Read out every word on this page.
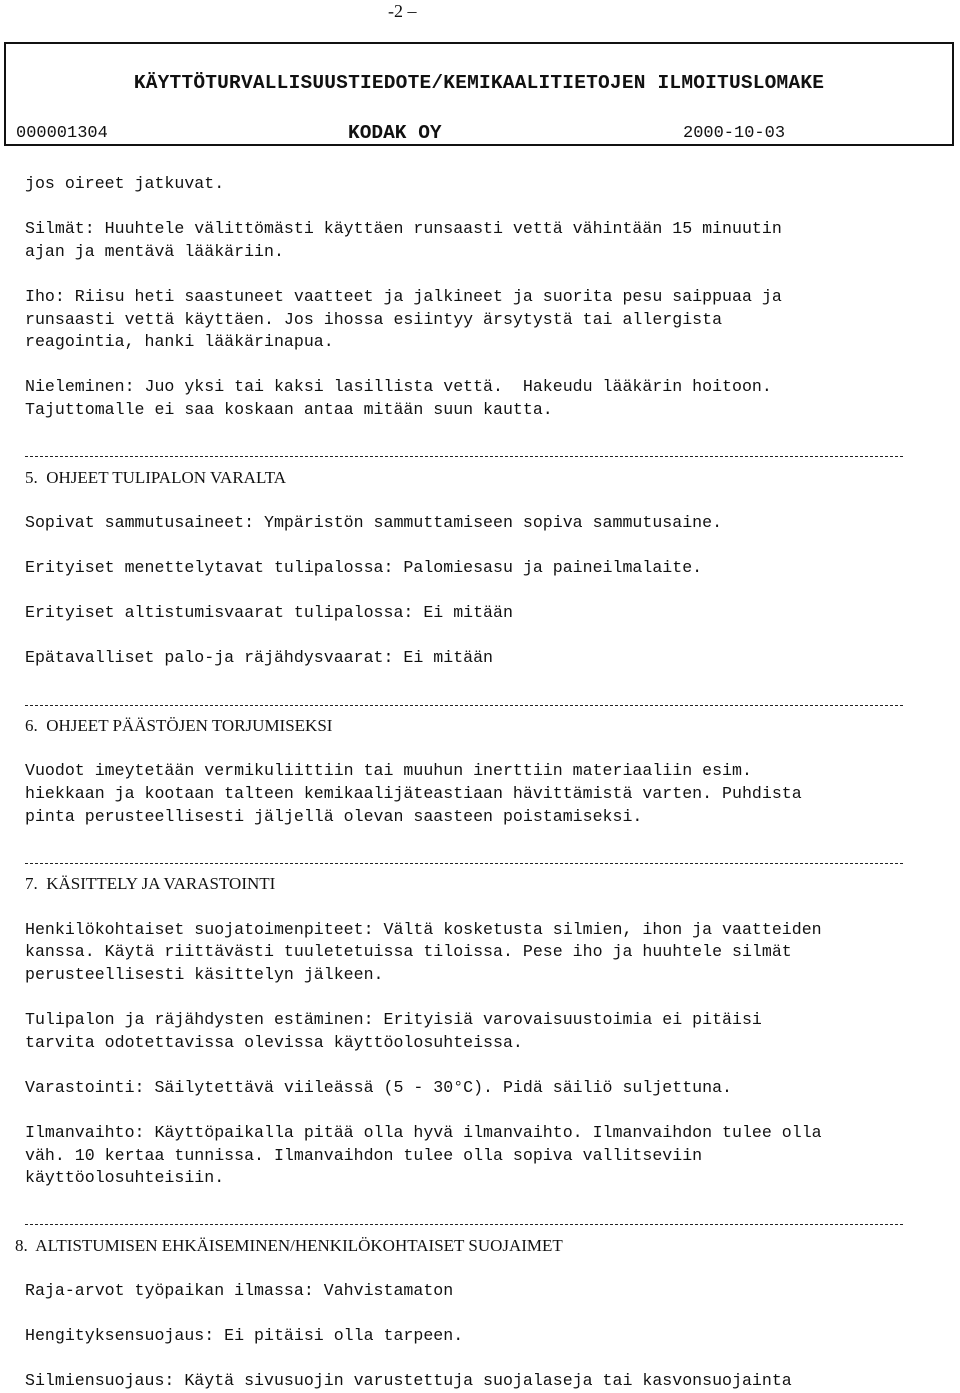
-2 –
KÄYTTÖTURVALLISUUSTIEDOTE/KEMIKAALITIETOJEN ILMOITUSLOMAKE
000001304	KODAK OY	2000-10-03
jos oireet jatkuvat.
Silmät: Huuhtele välittömästi käyttäen runsaasti vettä vähintään 15 minuutin
ajan ja mentävä lääkäriin.
Iho: Riisu heti saastuneet vaatteet ja jalkineet ja suorita pesu saippuaa ja
runsaasti vettä käyttäen. Jos ihossa esiintyy ärsytystä tai allergista
reagointia, hanki lääkärinapua.
Nieleminen: Juo yksi tai kaksi lasillista vettä.  Hakeudu lääkärin hoitoon.
Tajuttomalle ei saa koskaan antaa mitään suun kautta.
5.  OHJEET TULIPALON VARALTA
Sopivat sammutusaineet: Ympäristön sammuttamiseen sopiva sammutusaine.
Erityiset menettelytavat tulipalossa: Palomiesasu ja paineilmalaite.
Erityiset altistumisvaarat tulipalossa: Ei mitään
Epätavalliset palo-ja räjähdysvaarat: Ei mitään
6.  OHJEET PÄÄSTÖJEN TORJUMISEKSI
Vuodot imeytetään vermikuliittiin tai muuhun inerttiin materiaaliin esim.
hiekkaan ja kootaan talteen kemikaalijäteastiaan hävittämistä varten. Puhdista
pinta perusteellisesti jäljellä olevan saasteen poistamiseksi.
7.  KÄSITTELY JA VARASTOINTI
Henkilökohtaiset suojatoimenpiteet: Vältä kosketusta silmien, ihon ja vaatteiden
kanssa. Käytä riittävästi tuuletetuissa tiloissa. Pese iho ja huuhtele silmät
perusteellisesti käsittelyn jälkeen.
Tulipalon ja räjähdysten estäminen: Erityisiä varovaisuustoimia ei pitäisi
tarvita odotettavissa olevissa käyttöolosuhteissa.
Varastointi: Säilytettävä viileässä (5 - 30°C). Pidä säiliö suljettuna.
Ilmanvaihto: Käyttöpaikalla pitää olla hyvä ilmanvaihto. Ilmanvaihdon tulee olla
väh. 10 kertaa tunnissa. Ilmanvaihdon tulee olla sopiva vallitseviin
käyttöolosuhteisiin.
8.  ALTISTUMISEN EHKÄISEMINEN/HENKILÖKOHTAISET SUOJAIMET
Raja-arvot työpaikan ilmassa: Vahvistamaton
Hengityksensuojaus: Ei pitäisi olla tarpeen.
Silmiensuojaus: Käytä sivusuojin varustettuja suojalaseja tai kasvonsuojainta
